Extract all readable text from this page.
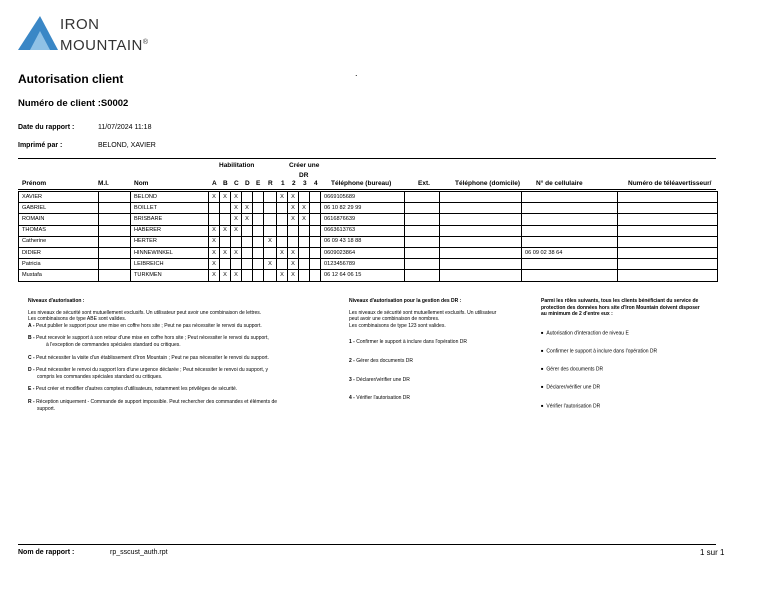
IRON
MOUNTAIN®
Autorisation client	.
Numéro de client :S0002
Date du rapport :	11/07/2024 11:18
Imprimé par :	BELOND, XAVIER
Habilitation	Créer une
DR
Prénom	M.I.	Nom	A B C D E R 1 2 3 4 Téléphone (bureau)	Ext.	Téléphone (domicile) N° de cellulaire	Numéro de téléavertisseur/
XAVIER		BELOND	X	X	X				X	X			0669105689				
GABRIEL		BOILLET			X	X				X	X		06 10 82 29 99				
ROMAIN		BRISBARE			X	X				X	X		0616876639				
THOMAS		HABERER	X	X	X								0663613763				
Catherine		HERTER	X					X					06 09 43 18 88				
DIDIER		HINNEWINKEL	X	X	X				X	X			0609023864			06 09 02 38 64	
Patricia		LEIBREICH	X					X		X			0123456789				
Mustafa		TURKMEN	X	X	X				X	X			06 12 64 06 15				
Niveaux d'autorisation :
Les niveaux de sécurité sont mutuellement exclusifs. Un utilisateur peut avoir une combinaison de lettres.
Les combinaisons de type ABE sont valides.
A - Peut publier le support pour une mise en coffre hors site ; Peut ne pas nécessiter le renvoi du support.
B - Peut recevoir le support à son retour d'une mise en coffre hors site ; Peut nécessiter le renvoi du support,
à l'exception de commandes spéciales standard ou critiques.
C - Peut nécessiter la visite d'un établissement d'Iron Mountain ; Peut ne pas nécessiter le renvoi du support.
D - Peut nécessiter le renvoi du support lors d'une urgence déclarée ; Peut nécessiter le renvoi du support, y compris les commandes spéciales standard ou critiques.
E - Peut créer et modifier d'autres comptes d'utilisateurs, notamment les privilèges de sécurité.
R - Réception uniquement - Commande de support impossible. Peut rechercher des commandes et éléments de support.
Niveaux d'autorisation pour la gestion des DR :
Les niveaux de sécurité sont mutuellement exclusifs. Un utilisateur
peut avoir une combinaison de nombres.
Les combinaisons de type 123 sont valides.
1 - Confirmer le support à inclure dans l'opération DR
2 - Gérer des documents DR
3 - Déclarer/vérifier une DR
4 - Vérifier l'autorisation DR
Parmi les rôles suivants, tous les clients bénéficiant du service de protection des données hors site d'Iron Mountain doivent disposer au minimum de 2 d'entre eux :
■ Autorisation d'interaction de niveau E
■ Confirmer le support à inclure dans l'opération DR
■ Gérer des documents DR
■ Déclarer/vérifier une DR
■ Vérifier l'autorisation DR
Nom de rapport :	rp_sscust_auth.rpt	1 sur 1
